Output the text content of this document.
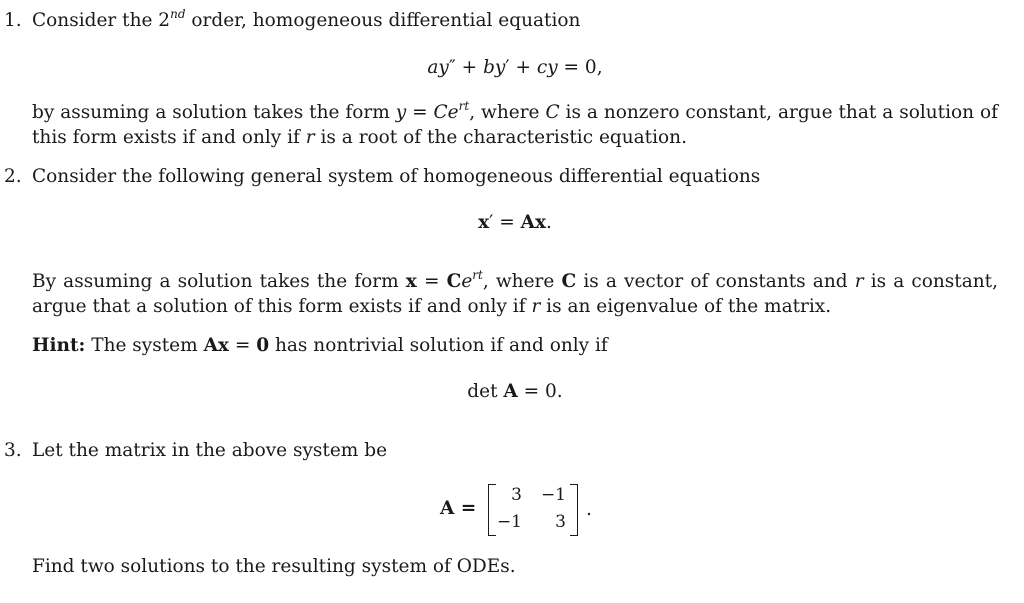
1. Consider the 2nd order, homogeneous differential equation
ay″ + by′ + cy = 0,
by assuming a solution takes the form $y = Ce^{rt}$, where C is a nonzero constant, argue that a solution of
this form exists if and only if r is a root of the characteristic equation.
2. Consider the following general system of homogeneous differential equations
x′ = Ax.
By assuming a solution takes the form $x = Ce^{rt}$, where C is a vector of constants and r is a constant,
argue that a solution of this form exists if and only if r is an eigenvalue of the matrix.
Hint: The system Ax = 0 has nontrivial solution if and only if
det A = 0.
3. Let the matrix in the above system be
A =
3 −1
−1	3
.
Find two solutions to the resulting system of ODEs.
